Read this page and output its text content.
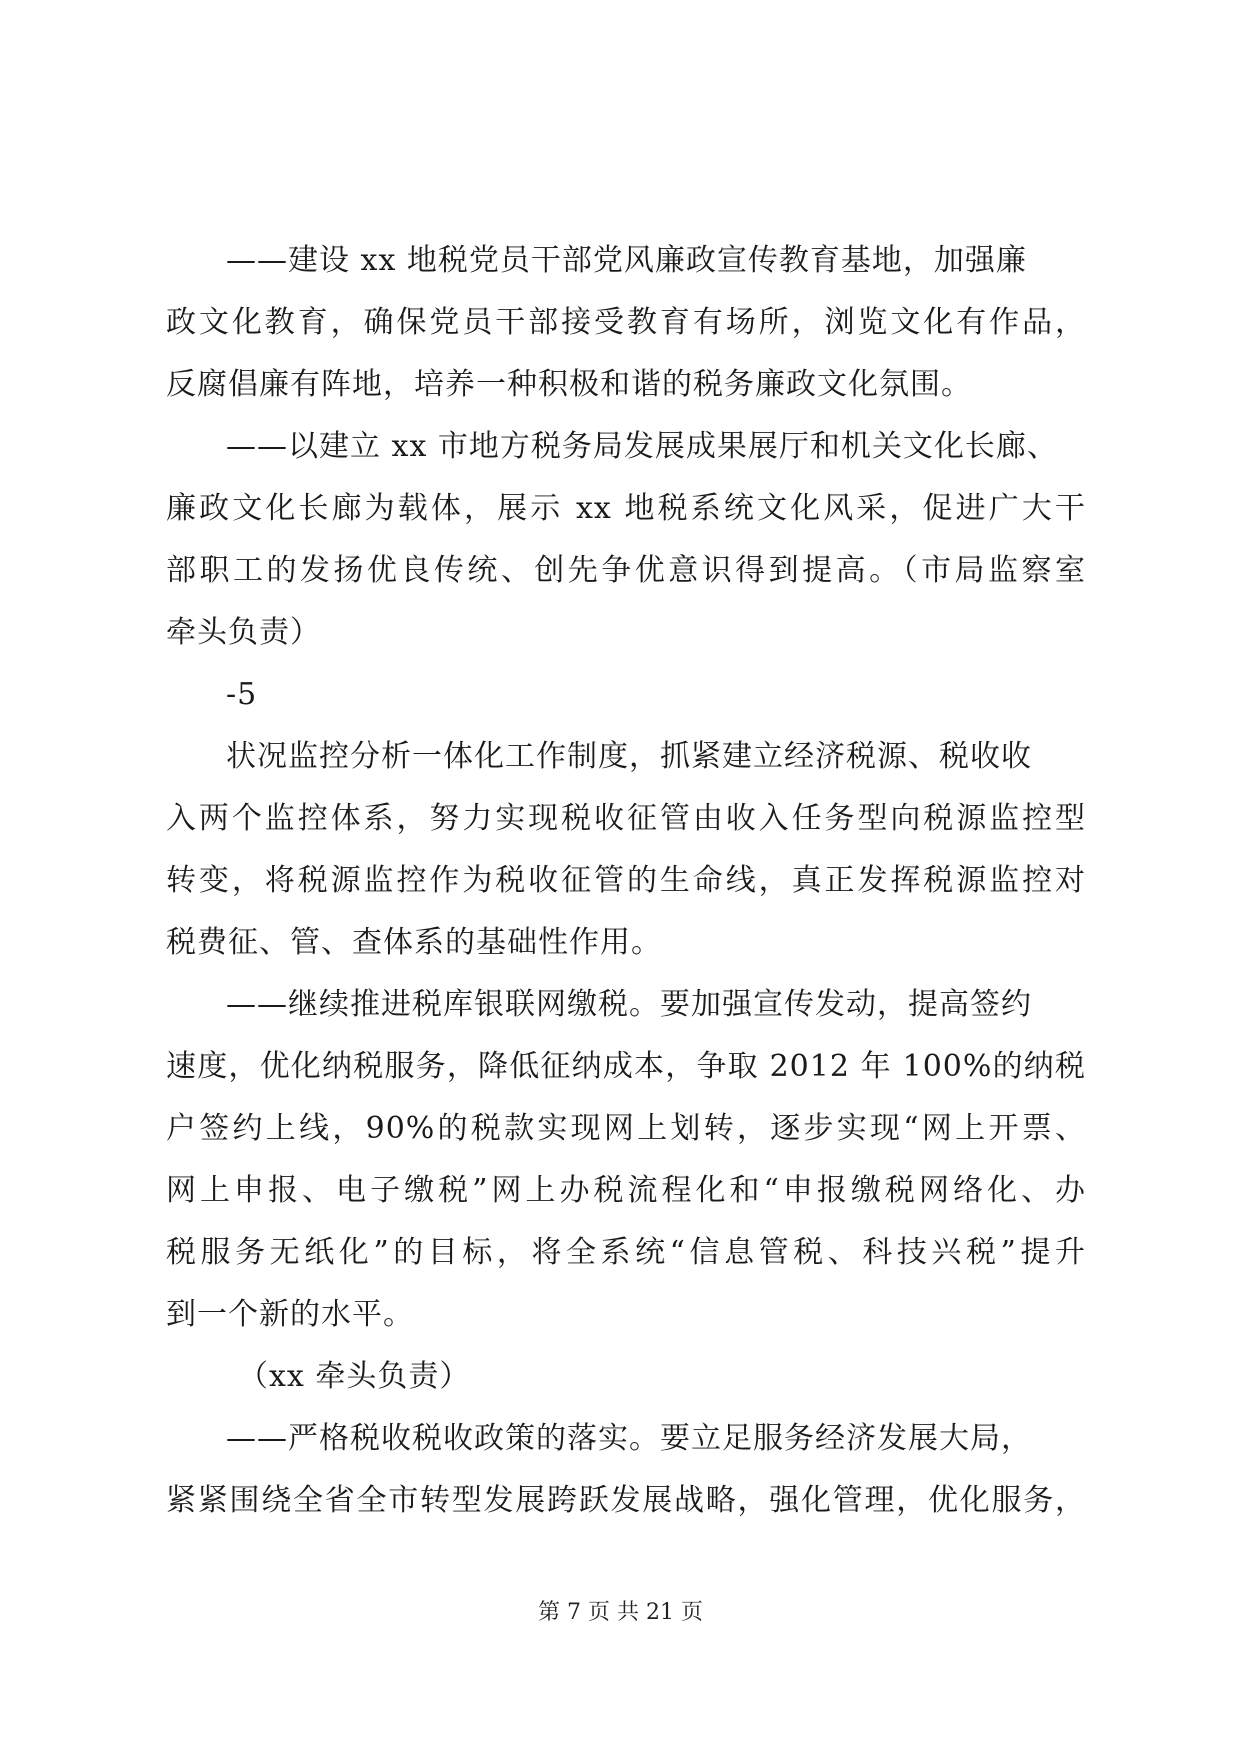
——建设 xx 地税党员干部党风廉政宣传教育基地，加强廉
政文化教育，确保党员干部接受教育有场所，浏览文化有作品，
反腐倡廉有阵地，培养一种积极和谐的税务廉政文化氛围。
——以建立 xx 市地方税务局发展成果展厅和机关文化长廊、
廉政文化长廊为载体，展示 xx 地税系统文化风采，促进广大干
部职工的发扬优良传统、创先争优意识得到提高。（市局监察室
牵头负责）
-5
状况监控分析一体化工作制度，抓紧建立经济税源、税收收
入两个监控体系，努力实现税收征管由收入任务型向税源监控型
转变，将税源监控作为税收征管的生命线，真正发挥税源监控对
税费征、管、查体系的基础性作用。
——继续推进税库银联网缴税。要加强宣传发动，提高签约
速度，优化纳税服务，降低征纳成本，争取 2012 年 100%的纳税
户签约上线，90%的税款实现网上划转，逐步实现“网上开票、
网上申报、电子缴税”网上办税流程化和“申报缴税网络化、办
税服务无纸化”的目标，将全系统“信息管税、科技兴税”提升
到一个新的水平。
（xx 牵头负责）
——严格税收税收政策的落实。要立足服务经济发展大局，
紧紧围绕全省全市转型发展跨跃发展战略，强化管理，优化服务，
第 7 页 共 21 页
